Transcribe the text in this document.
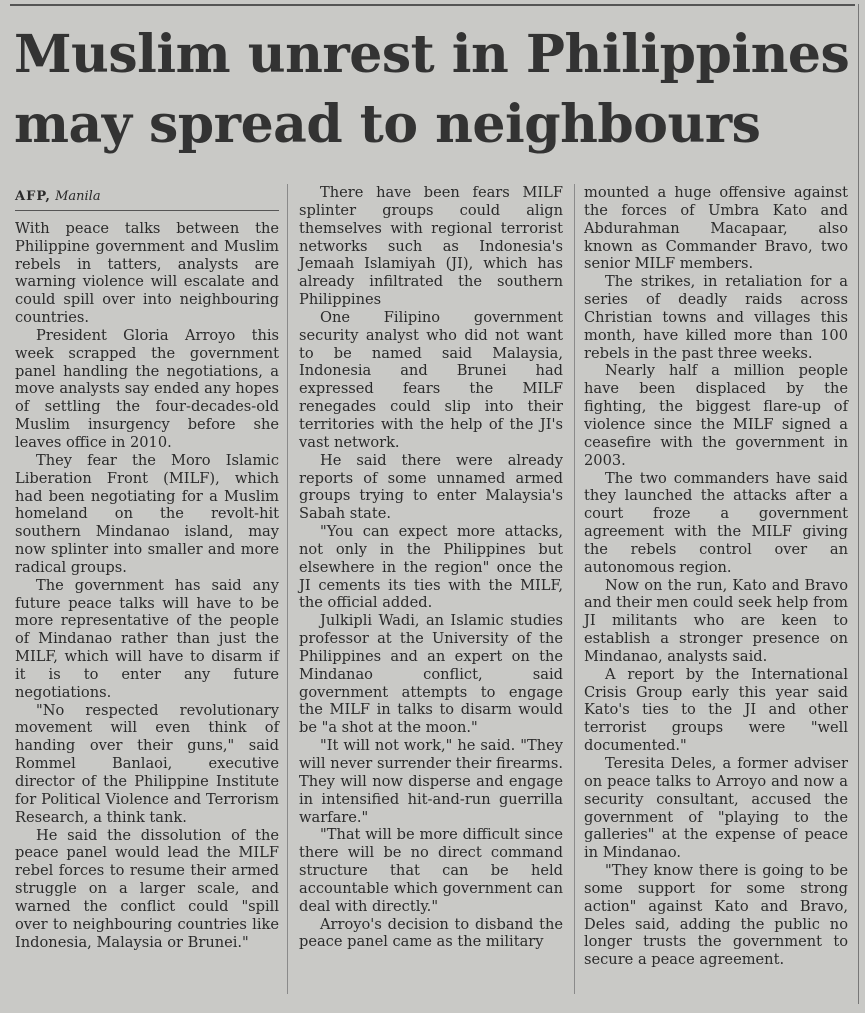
Muslim unrest in Philippines
may spread to neighbours
AFP, Manila

With peace talks between the Philippine government and Muslim rebels in tatters, analysts are warning violence will escalate and could spill over into neighbouring countries.

President Gloria Arroyo this week scrapped the government panel handling the negotiations, a move analysts say ended any hopes of settling the four-decades-old Muslim insurgency before she leaves office in 2010.

They fear the Moro Islamic Liberation Front (MILF), which had been negotiating for a Muslim homeland on the revolt-hit southern Mindanao island, may now splinter into smaller and more radical groups.

The government has said any future peace talks will have to be more representative of the people of Mindanao rather than just the MILF, which will have to disarm if it is to enter any future negotiations.

"No respected revolutionary movement will even think of handing over their guns," said Rommel Banlaoi, executive director of the Philippine Institute for Political Violence and Terrorism Research, a think tank.

He said the dissolution of the peace panel would lead the MILF rebel forces to resume their armed struggle on a larger scale, and warned the conflict could "spill over to neighbouring countries like Indonesia, Malaysia or Brunei."

There have been fears MILF splinter groups could align themselves with regional terrorist networks such as Indonesia's Jemaah Islamiyah (JI), which has already infiltrated the southern Philippines

One Filipino government security analyst who did not want to be named said Malaysia, Indonesia and Brunei had expressed fears the MILF renegades could slip into their territories with the help of the JI's vast network.

He said there were already reports of some unnamed armed groups trying to enter Malaysia's Sabah state.

"You can expect more attacks, not only in the Philippines but elsewhere in the region" once the JI cements its ties with the MILF, the official added.

Julkipli Wadi, an Islamic studies professor at the University of the Philippines and an expert on the Mindanao conflict, said government attempts to engage the MILF in talks to disarm would be "a shot at the moon."

"It will not work," he said. "They will never surrender their firearms. They will now disperse and engage in intensified hit-and-run guerrilla warfare."

"That will be more difficult since there will be no direct command structure that can be held accountable which government can deal with directly."

Arroyo's decision to disband the peace panel came as the military

mounted a huge offensive against the forces of Umbra Kato and Abdurahman Macapaar, also known as Commander Bravo, two senior MILF members.

The strikes, in retaliation for a series of deadly raids across Christian towns and villages this month, have killed more than 100 rebels in the past three weeks.

Nearly half a million people have been displaced by the fighting, the biggest flare-up of violence since the MILF signed a ceasefire with the government in 2003.

The two commanders have said they launched the attacks after a court froze a government agreement with the MILF giving the rebels control over an autonomous region.

Now on the run, Kato and Bravo and their men could seek help from JI militants who are keen to establish a stronger presence on Mindanao, analysts said.

A report by the International Crisis Group early this year said Kato's ties to the JI and other terrorist groups were "well documented."

Teresita Deles, a former adviser on peace talks to Arroyo and now a security consultant, accused the government of "playing to the galleries" at the expense of peace in Mindanao.

"They know there is going to be some support for some strong action" against Kato and Bravo, Deles said, adding the public no longer trusts the government to secure a peace agreement.
